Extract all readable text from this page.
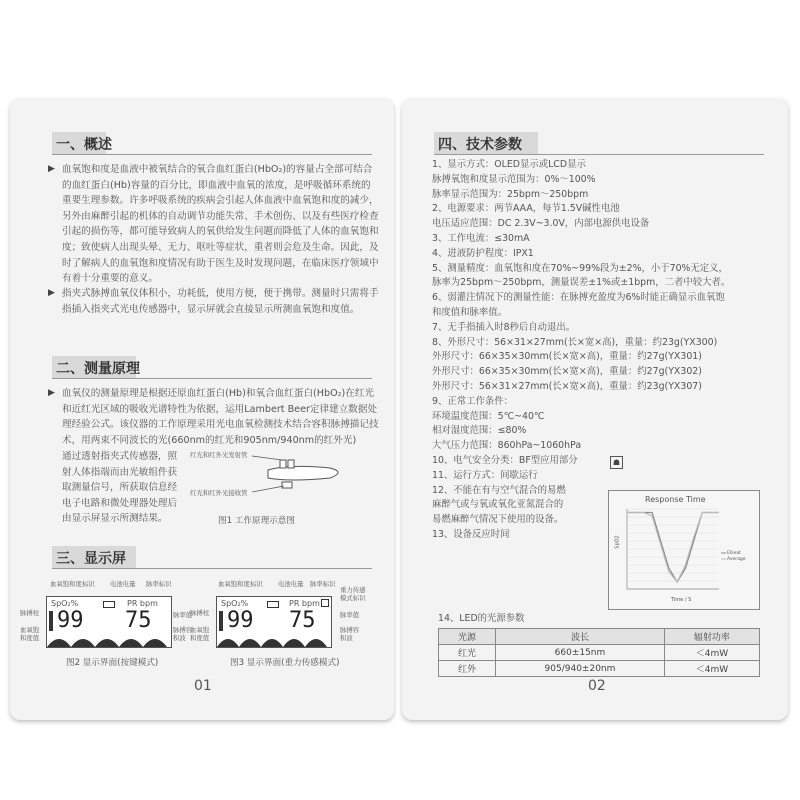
一、概述
▶ 血氧饱和度是血液中被氧结合的氧合血红蛋白(HbO₂)的容量占全部可结合的血红蛋白(Hb)容量的百分比，即血液中血氧的浓度，是呼吸循环系统的重要生理参数。许多呼吸系统的疾病会引起人体血液中血氧饱和度的减少，另外由麻醉引起的机体的自动调节功能失常、手术创伤、以及有些医疗检查引起的损伤等，都可能导致病人的氧供给发生问题而降低了人体的血氧饱和度；致使病人出现头晕、无力、呕吐等症状，重者则会危及生命。因此，及时了解病人的血氧饱和度情况有助于医生及时发现问题，在临床医疗领域中有着十分重要的意义。
▶ 指夹式脉搏血氧仪体积小，功耗低，使用方便，便于携带。测量时只需将手指插入指夹式光电传感器中，显示屏就会直接显示所测血氧饱和度值。
二、测量原理
▶ 血氧仪的测量原理是根据还原血红蛋白(Hb)和氧合血红蛋白(HbO₂)在红光和近红光区域的吸收光谱特性为依据，运用Lambert Beer定律建立数据处理经验公式。该仪器的工作原理采用光电血氧检测技术结合容积脉搏描记技术，用两束不同波长的光(660nm的红光和905nm/940nm的红外光)
通过透射指夹式传感器，照射人体指端而由光敏组件获取测量信号，所获取信息经电子电路和微处理器处理后由显示屏显示所测结果。
红光和红外光发射管
红光和红外光接收管
图1 工作原理示意图
三、显示屏
血氧饱和度标识 电池电量 脉率标识
SpO₂%	PR bpm
99 75
脉搏柱
血氧饱
和度值
脉率值
脉搏容
积波
图2 显示界面(按键模式)
血氧饱和度标识 电池电量 脉率标识
SpO₂%	PR bpm
99 75
重力传感
模式标识
脉搏柱
血氧饱
和度值
脉率值
脉搏容
积波
图3 显示界面(重力传感模式)
01
四、技术参数
1、显示方式：OLED显示或LCD显示
脉搏氧饱和度显示范围为：0%～100%
脉率显示范围为：25bpm～250bpm
2、电源要求：两节AAA，每节1.5V碱性电池
电压适应范围：DC 2.3V~3.0V，内部电源供电设备
3、工作电流：≤30mA
4、进液防护程度：IPX1
5、测量精度：血氧饱和度在70%~99%段为±2%，小于70%无定义，
脉率为25bpm～250bpm，测量误差±1%或±1bpm，二者中较大者。
6、弱灌注情况下的测量性能：在脉搏充盈度为6%时能正确显示血氧饱
和度值和脉率值。
7、无手指插入时8秒后自动退出。
8、外形尺寸：56×31×27mm(长×宽×高)，重量：约23g(YX300)
外形尺寸：66×35×30mm(长×宽×高)，重量：约27g(YX301)
外形尺寸：66×35×30mm(长×宽×高)，重量：约27g(YX302)
外形尺寸：56×31×27mm(长×宽×高)，重量：约23g(YX307)
9、正常工作条件：
环境温度范围：5℃~40℃
相对湿度范围：≤80%
大气压力范围：860hPa~1060hPa
10、电气安全分类：BF型应用部分
11、运行方式：间歇运行
12、不能在有与空气混合的易燃
麻醉气或与氧或氧化亚氮混合的
易燃麻醉气情况下使用的设备。
13、设备反应时间
☗
Response Time
SpO2
Time / S
Ellieat
Average
14、LED的光源参数
光源	波长	辐射功率
红光	660±15nm	＜4mW
红外	905/940±20nm	＜4mW
02
